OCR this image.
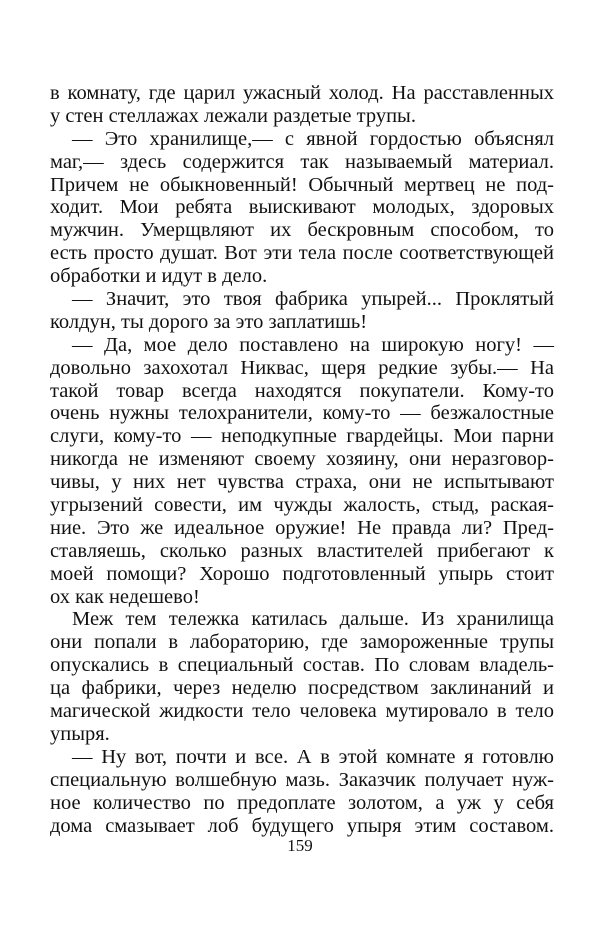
в комнату, где царил ужасный холод. На расставленных
у стен стеллажах лежали раздетые трупы.
— Это хранилище,— с явной гордостью объяснял
маг,— здесь содержится так называемый материал.
Причем не обыкновенный! Обычный мертвец не под-
ходит. Мои ребята выискивают молодых, здоровых
мужчин. Умерщвляют их бескровным способом, то
есть просто душат. Вот эти тела после соответствующей
обработки и идут в дело.
— Значит, это твоя фабрика упырей... Проклятый
колдун, ты дорого за это заплатишь!
— Да, мое дело поставлено на широкую ногу! —
довольно захохотал Никвас, щеря редкие зубы.— На
такой товар всегда находятся покупатели. Кому-то
очень нужны телохранители, кому-то — безжалостные
слуги, кому-то — неподкупные гвардейцы. Мои парни
никогда не изменяют своему хозяину, они неразговор-
чивы, у них нет чувства страха, они не испытывают
угрызений совести, им чужды жалость, стыд, раская-
ние. Это же идеальное оружие! Не правда ли? Пред-
ставляешь, сколько разных властителей прибегают к
моей помощи? Хорошо подготовленный упырь стоит
ох как недешево!
Меж тем тележка катилась дальше. Из хранилища
они попали в лабораторию, где замороженные трупы
опускались в специальный состав. По словам владель-
ца фабрики, через неделю посредством заклинаний и
магической жидкости тело человека мутировало в тело
упыря.
— Ну вот, почти и все. А в этой комнате я готовлю
специальную волшебную мазь. Заказчик получает нуж-
ное количество по предоплате золотом, а уж у себя
дома смазывает лоб будущего упыря этим составом.
159
